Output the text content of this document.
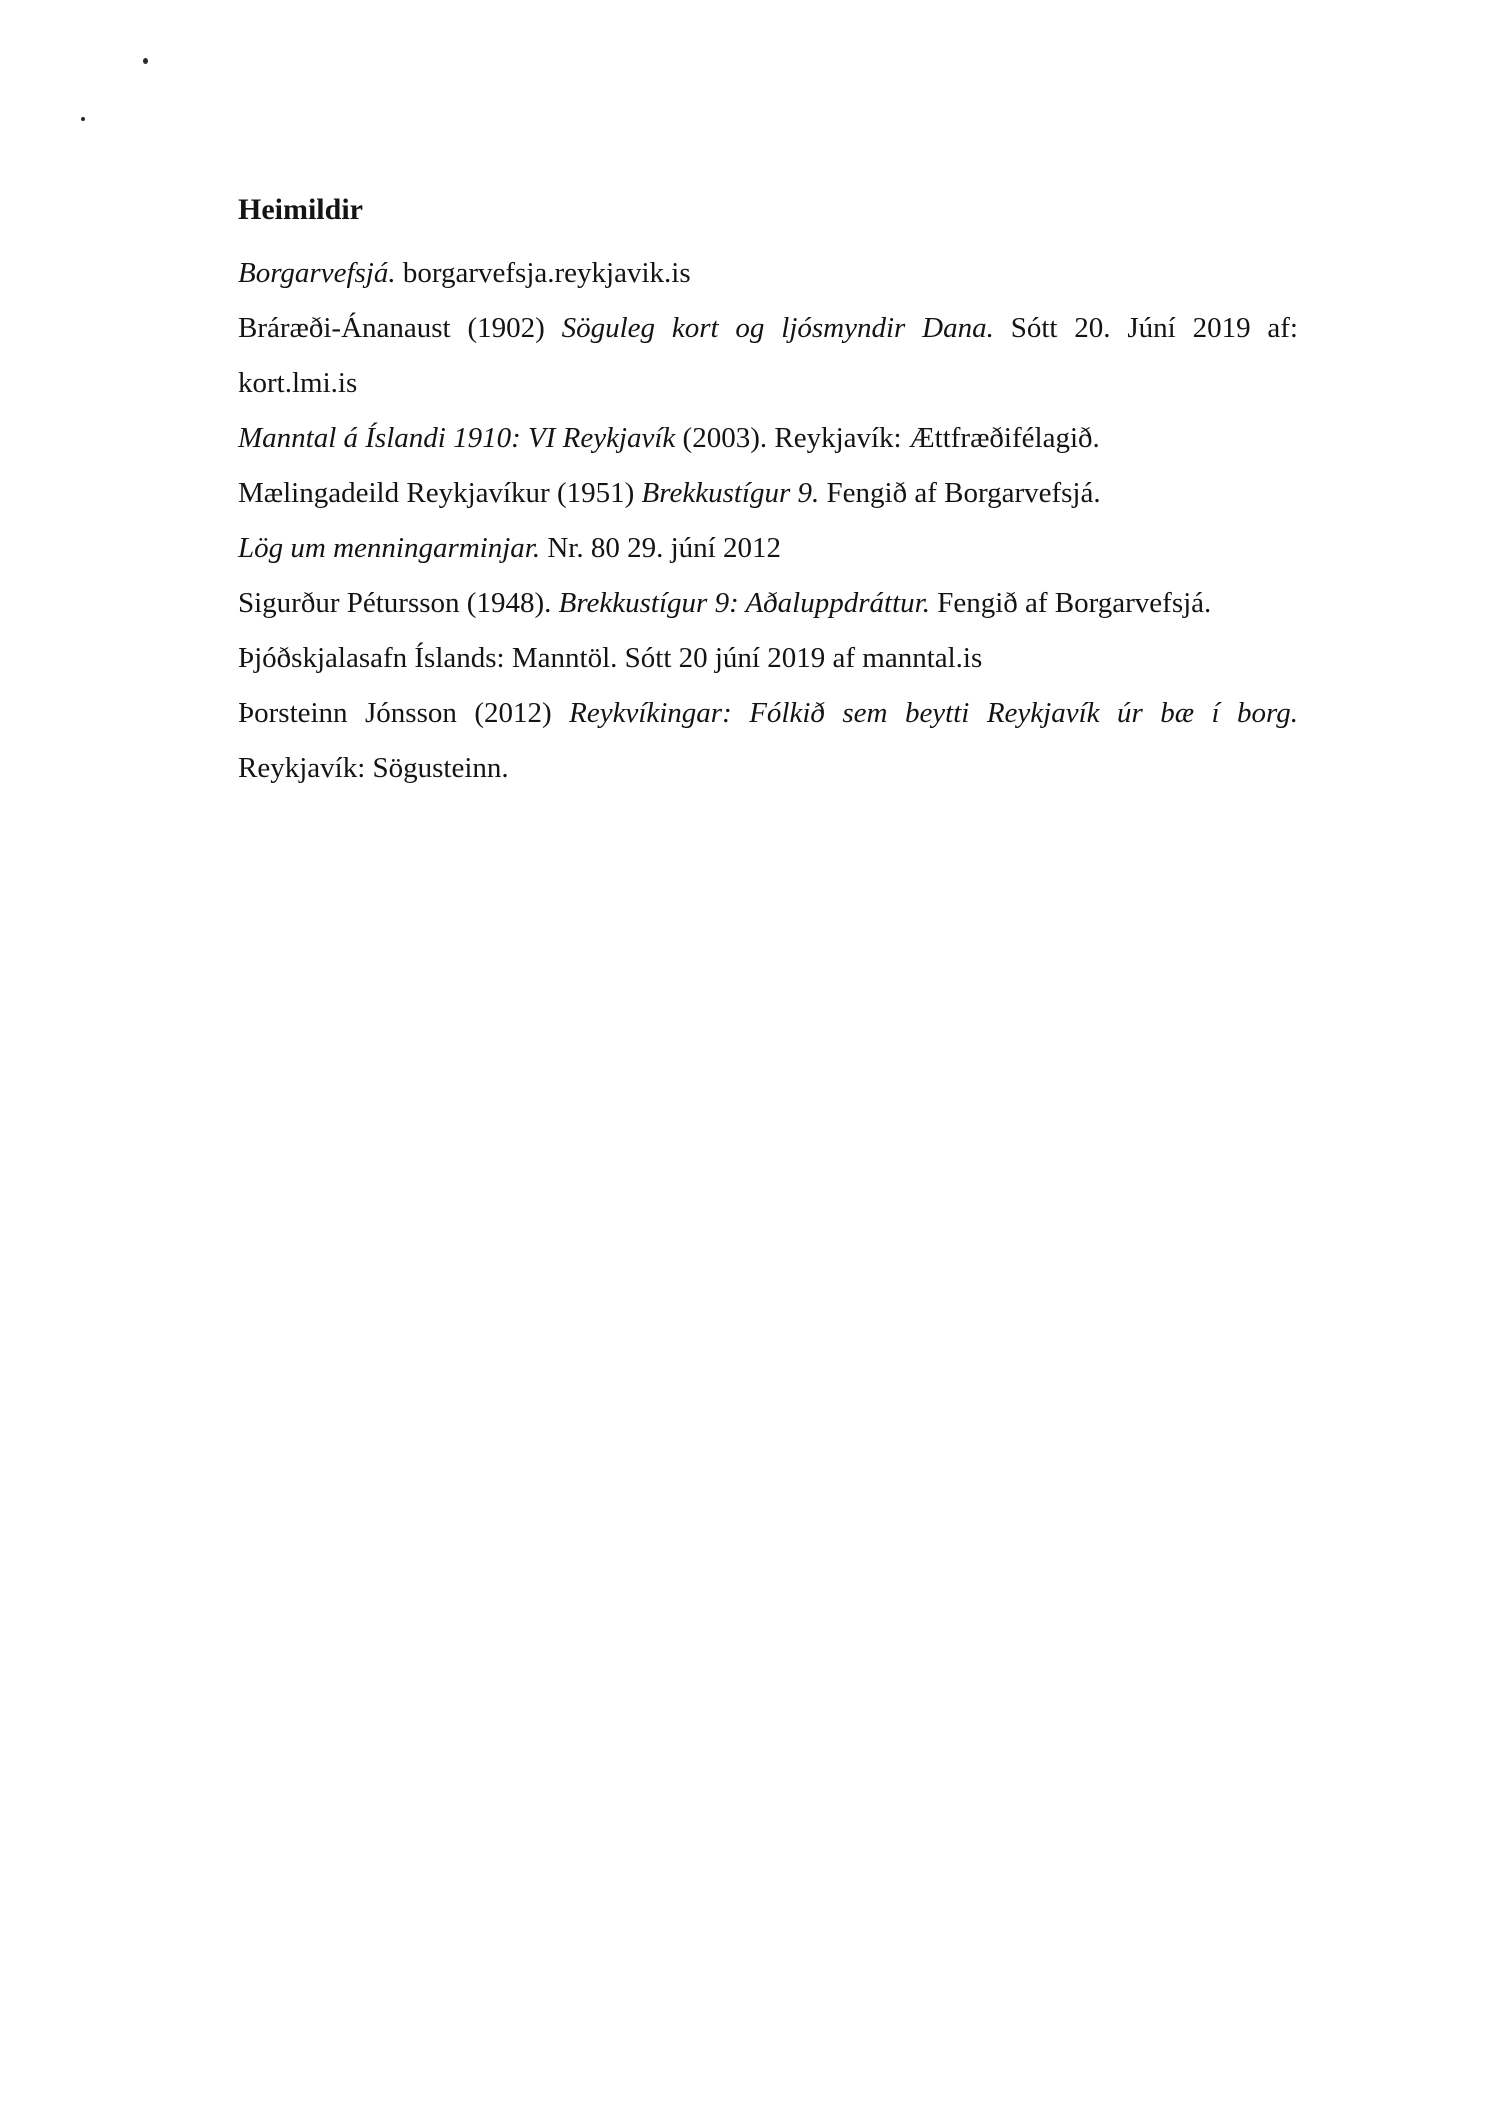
Heimildir
Borgarvefsjá. borgarvefsja.reykjavik.is
Bráræði-Ánanaust (1902) Söguleg kort og ljósmyndir Dana. Sótt 20. Júní 2019 af:
kort.lmi.is
Manntal á Íslandi 1910: VI Reykjavík (2003). Reykjavík: Ættfræðifélagið.
Mælingadeild Reykjavíkur (1951) Brekkustígur 9. Fengið af Borgarvefsjá.
Lög um menningarminjar. Nr. 80 29. júní 2012
Sigurður Pétursson (1948). Brekkustígur 9: Aðaluppdráttur. Fengið af Borgarvefsjá.
Þjóðskjalasafn Íslands: Manntöl. Sótt 20 júní 2019 af manntal.is
Þorsteinn Jónsson (2012) Reykvíkingar: Fólkið sem beytti Reykjavík úr bæ í borg.
Reykjavík: Sögusteinn.
